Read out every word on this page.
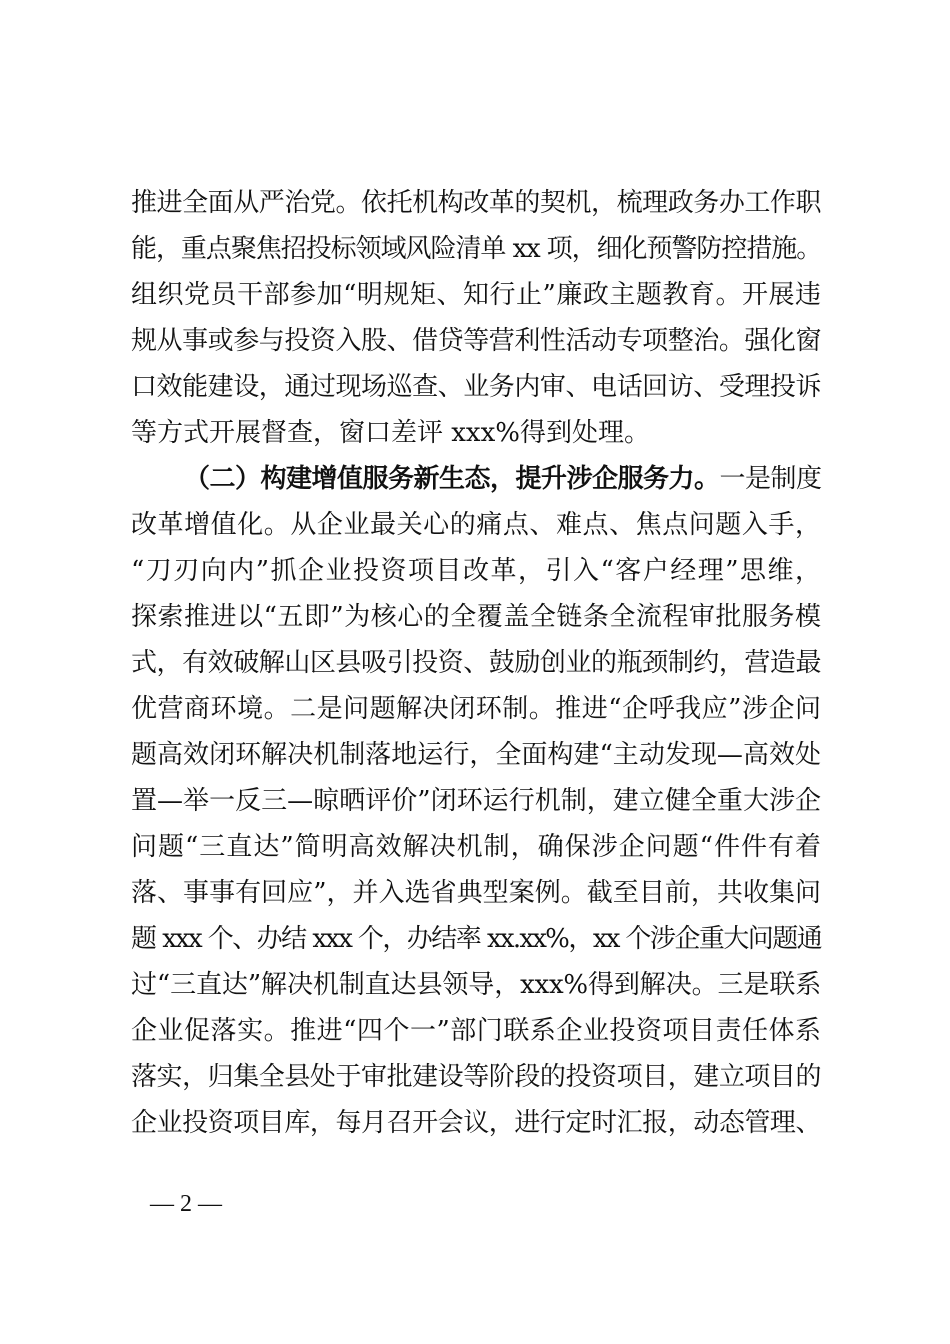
推进全面从严治党。依托机构改革的契机，梳理政务办工作职
能，重点聚焦招投标领域风险清单 xx 项，细化预警防控措施。
组织党员干部参加“明规矩、知行止”廉政主题教育。开展违
规从事或参与投资入股、借贷等营利性活动专项整治。强化窗
口效能建设，通过现场巡查、业务内审、电话回访、受理投诉
等方式开展督查，窗口差评 xxx%得到处理。
（二）构建增值服务新生态，提升涉企服务力。一是制度
改革增值化。从企业最关心的痛点、难点、焦点问题入手，
“刀刃向内”抓企业投资项目改革，引入“客户经理”思维，
探索推进以“五即”为核心的全覆盖全链条全流程审批服务模
式，有效破解山区县吸引投资、鼓励创业的瓶颈制约，营造最
优营商环境。二是问题解决闭环制。推进“企呼我应”涉企问
题高效闭环解决机制落地运行，全面构建“主动发现—高效处
置—举一反三—晾晒评价”闭环运行机制，建立健全重大涉企
问题“三直达”简明高效解决机制，确保涉企问题“件件有着
落、事事有回应”，并入选省典型案例。截至目前，共收集问
题 xxx 个、办结 xxx 个，办结率 xx.xx%，xx 个涉企重大问题通
过“三直达”解决机制直达县领导，xxx%得到解决。三是联系
企业促落实。推进“四个一”部门联系企业投资项目责任体系
落实，归集全县处于审批建设等阶段的投资项目，建立项目的
企业投资项目库，每月召开会议，进行定时汇报，动态管理、
— 2 —
